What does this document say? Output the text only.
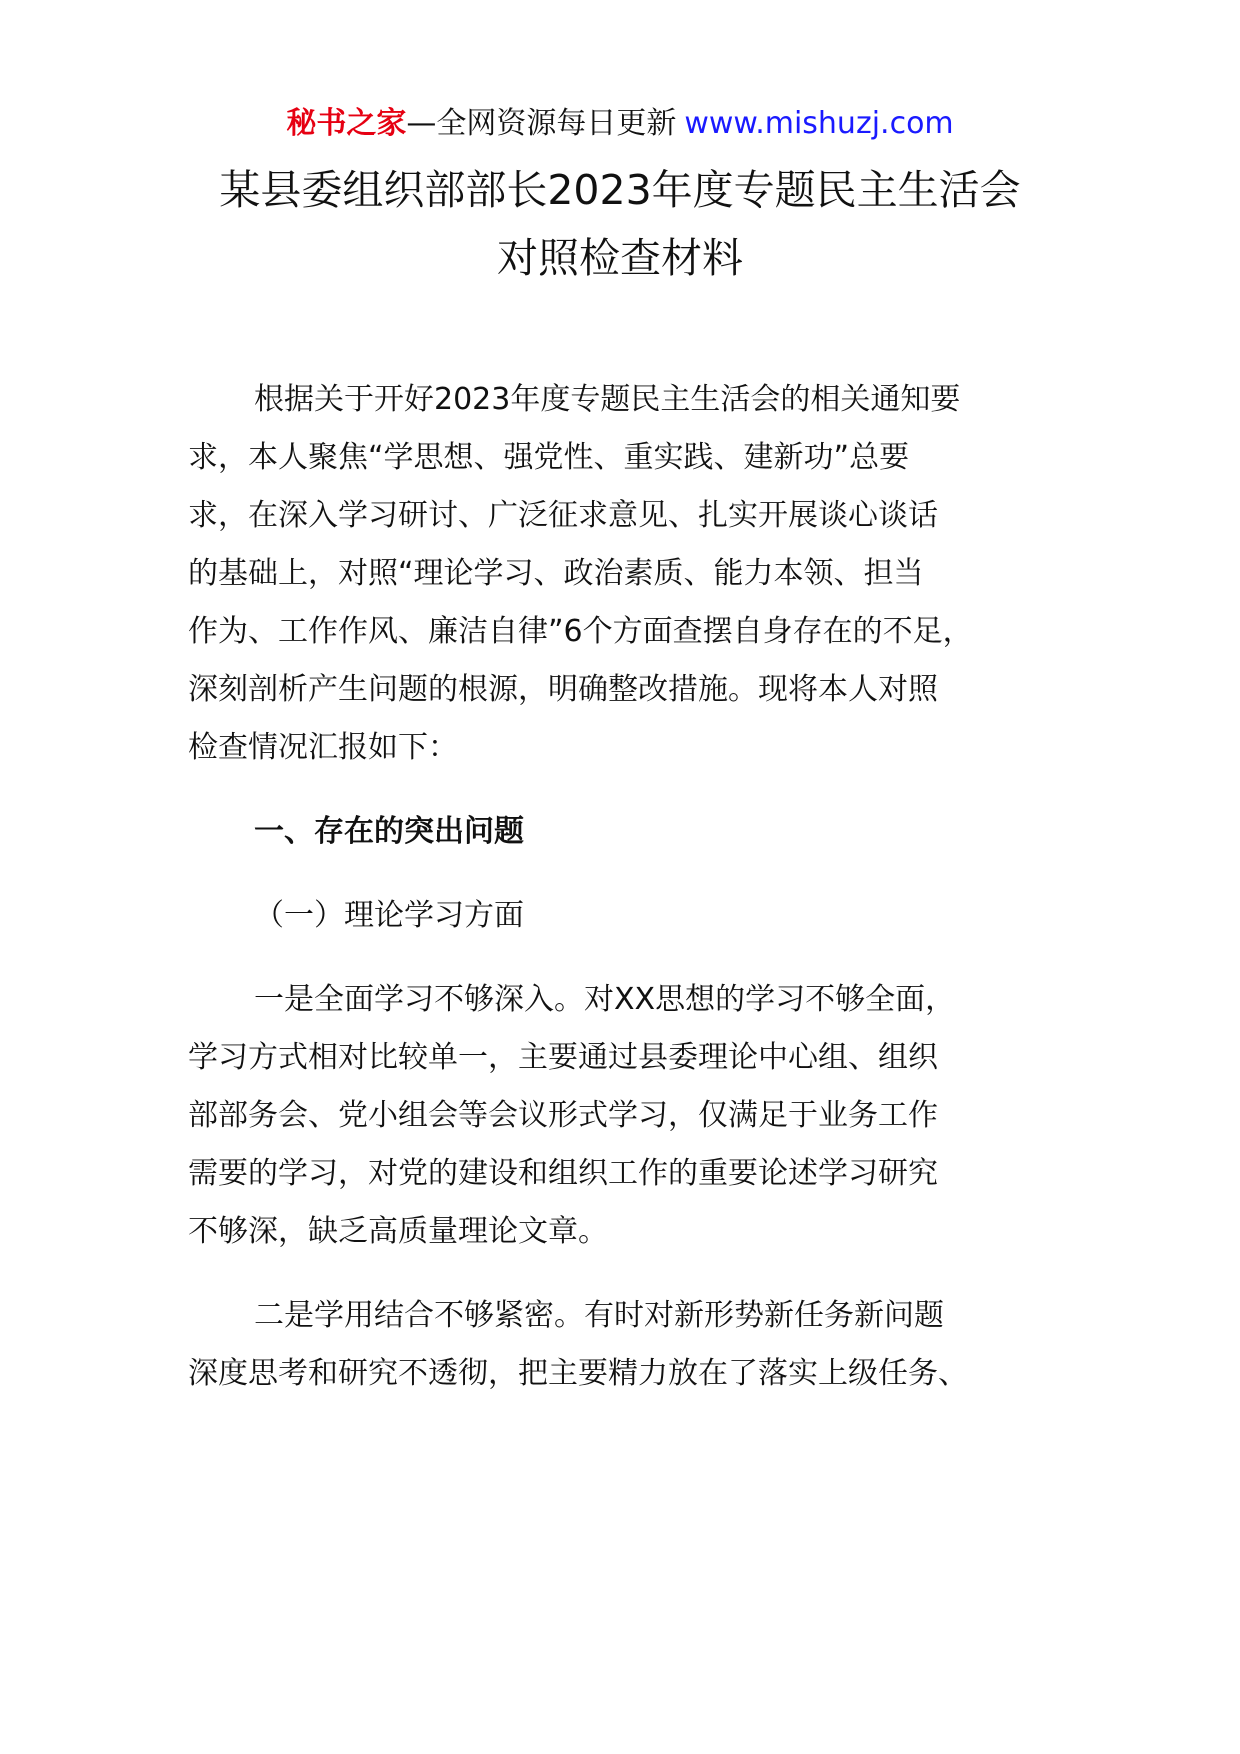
秘书之家—全网资源每日更新 www.mishuzj.com
某县委组织部部长2023年度专题民主生活会
对照检查材料
根据关于开好2023年度专题民主生活会的相关通知要
求，本人聚焦“学思想、强党性、重实践、建新功”总要
求，在深入学习研讨、广泛征求意见、扎实开展谈心谈话
的基础上，对照“理论学习、政治素质、能力本领、担当
作为、工作作风、廉洁自律”6个方面查摆自身存在的不足，
深刻剖析产生问题的根源，明确整改措施。现将本人对照
检查情况汇报如下：
一、存在的突出问题
（一）理论学习方面
一是全面学习不够深入。对XX思想的学习不够全面，
学习方式相对比较单一，主要通过县委理论中心组、组织
部部务会、党小组会等会议形式学习，仅满足于业务工作
需要的学习，对党的建设和组织工作的重要论述学习研究
不够深，缺乏高质量理论文章。
二是学用结合不够紧密。有时对新形势新任务新问题
深度思考和研究不透彻，把主要精力放在了落实上级任务、
